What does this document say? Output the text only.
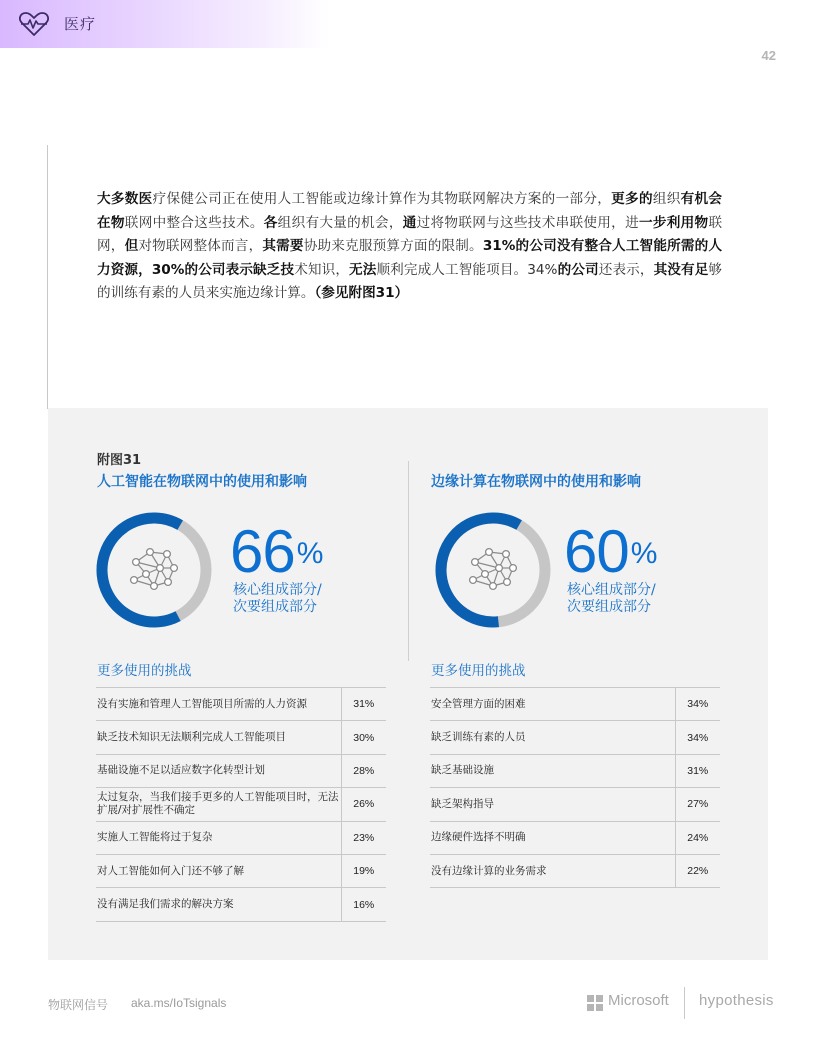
医疗
42
大多数医疗保健公司正在使用人工智能或边缘计算作为其物联网解决方案的一部分，更多的组织有机会在物联网中整合这些技术。各组织有大量的机会，通过将物联网与这些技术串联使用，进一步利用物联网，但对物联网整体而言，其需要协助来克服预算方面的限制。31%的公司没有整合人工智能所需的人力资源，30%的公司表示缺乏技术知识，无法顺利完成人工智能项目。34%的公司还表示，其没有足够的训练有素的人员来实施边缘计算。（参见附图31）
附图31
人工智能在物联网中的使用和影响	边缘计算在物联网中的使用和影响
66%	60%
核心组成部分/
次要组成部分
核心组成部分/
次要组成部分
更多使用的挑战	更多使用的挑战
没有实施和管理人工智能项目所需的人力资源	31%
缺乏技术知识无法顺利完成人工智能项目	30%
基础设施不足以适应数字化转型计划	28%
太过复杂，当我们接手更多的人工智能项目时，无法扩展/对扩展性不确定	26%
实施人工智能将过于复杂	23%
对人工智能如何入门还不够了解	19%
没有满足我们需求的解决方案	16%
安全管理方面的困难	34%
缺乏训练有素的人员	34%
缺乏基础设施	31%
缺乏架构指导	27%
边缘硬件选择不明确	24%
没有边缘计算的业务需求	22%
物联网信号 aka.ms/IoTsignals	Microsoft hypothesis
